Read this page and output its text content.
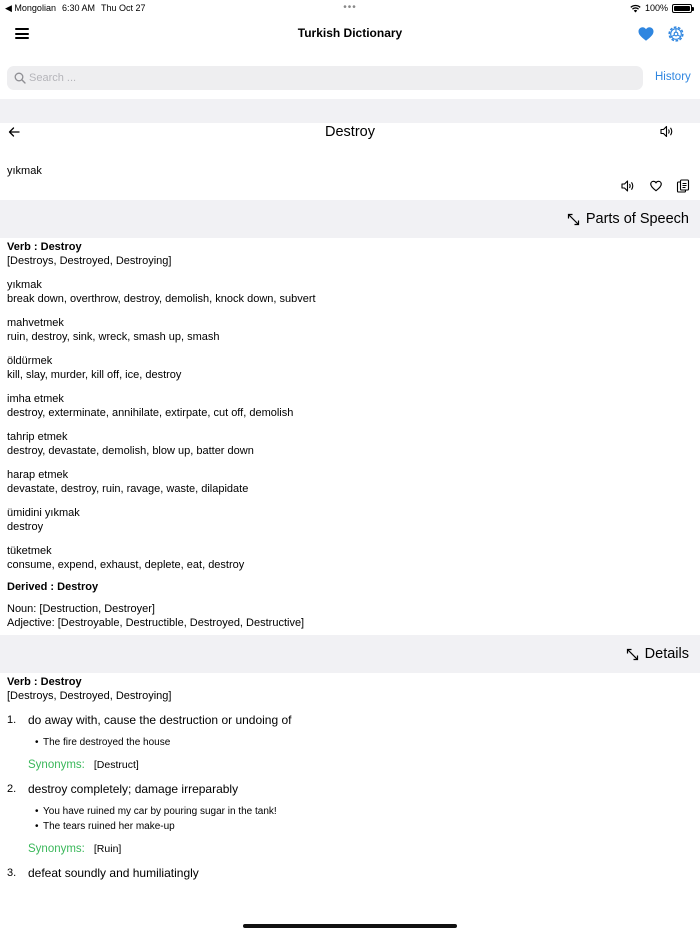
◀ Mongolian 6:30 AM Thu Oct 27	•••	100%
Turkish Dictionary
Search ...
History
Destroy
yıkmak
Parts of Speech
Verb : Destroy
[Destroys, Destroyed, Destroying]
yıkmak
break down, overthrow, destroy, demolish, knock down, subvert
mahvetmek
ruin, destroy, sink, wreck, smash up, smash
öldürmek
kill, slay, murder, kill off, ice, destroy
imha etmek
destroy, exterminate, annihilate, extirpate, cut off, demolish
tahrip etmek
destroy, devastate, demolish, blow up, batter down
harap etmek
devastate, destroy, ruin, ravage, waste, dilapidate
ümidini yıkmak
destroy
tüketmek
consume, expend, exhaust, deplete, eat, destroy
Derived : Destroy
Noun: [Destruction, Destroyer]
Adjective: [Destroyable, Destructible, Destroyed, Destructive]
Details
Verb : Destroy
[Destroys, Destroyed, Destroying]
1. do away with, cause the destruction or undoing of
• The fire destroyed the house
Synonyms: [Destruct]
2. destroy completely; damage irreparably
• You have ruined my car by pouring sugar in the tank!
• The tears ruined her make-up
Synonyms: [Ruin]
3. defeat soundly and humiliatingly
